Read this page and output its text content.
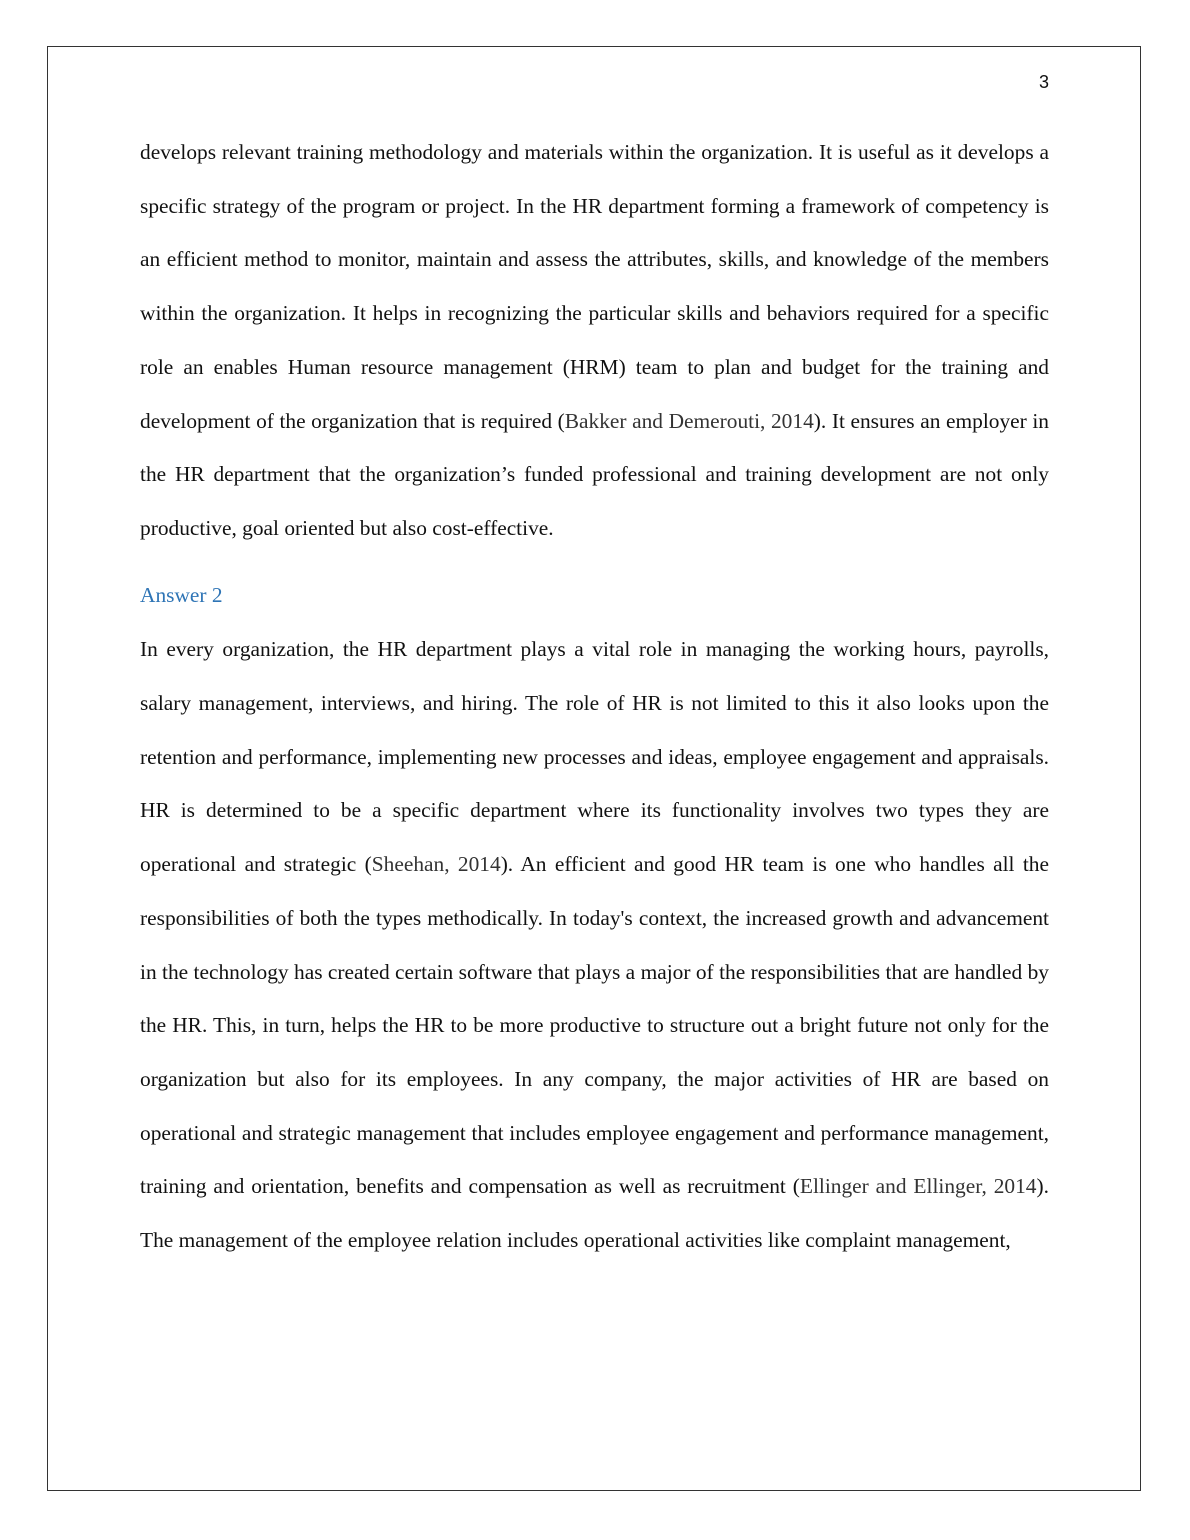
3

develops relevant training methodology and materials within the organization. It is useful as it develops a specific strategy of the program or project. In the HR department forming a framework of competency is an efficient method to monitor, maintain and assess the attributes, skills, and knowledge of the members within the organization. It helps in recognizing the particular skills and behaviors required for a specific role an enables Human resource management (HRM) team to plan and budget for the training and development of the organization that is required (Bakker and Demerouti, 2014). It ensures an employer in the HR department that the organization’s funded professional and training development are not only productive, goal oriented but also cost-effective.

Answer 2

In every organization, the HR department plays a vital role in managing the working hours, payrolls, salary management, interviews, and hiring. The role of HR is not limited to this it also looks upon the retention and performance, implementing new processes and ideas, employee engagement and appraisals. HR is determined to be a specific department where its functionality involves two types they are operational and strategic (Sheehan, 2014). An efficient and good HR team is one who handles all the responsibilities of both the types methodically. In today's context, the increased growth and advancement in the technology has created certain software that plays a major of the responsibilities that are handled by the HR. This, in turn, helps the HR to be more productive to structure out a bright future not only for the organization but also for its employees. In any company, the major activities of HR are based on operational and strategic management that includes employee engagement and performance management, training and orientation, benefits and compensation as well as recruitment (Ellinger and Ellinger, 2014). The management of the employee relation includes operational activities like complaint management,
